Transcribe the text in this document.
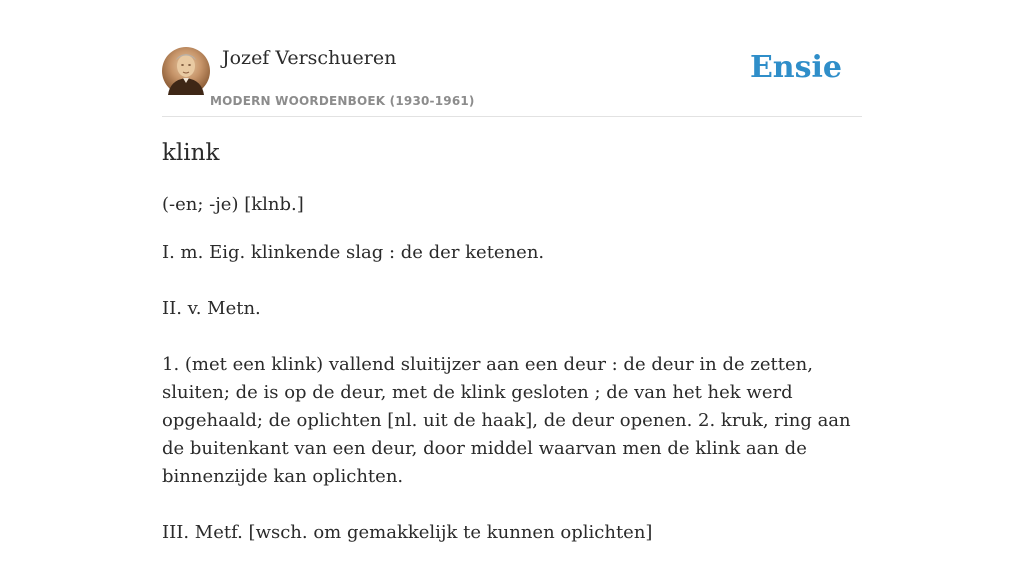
Jozef Verschueren
MODERN WOORDENBOEK (1930-1961)
Ensie
klink
(-en; -je) [klnb.]

I. m. Eig. klinkende slag : de der ketenen.

II. v. Metn.

1. (met een klink) vallend sluitijzer aan een deur : de deur in de zetten, sluiten; de is op de deur, met de klink gesloten ; de van het hek werd opgehaald; de oplichten [nl. uit de haak], de deur openen. 2. kruk, ring aan de buitenkant van een deur, door middel waarvan men de klink aan de binnenzijde kan oplichten.

III. Metf. [wsch. om gemakkelijk te kunnen oplichten]
